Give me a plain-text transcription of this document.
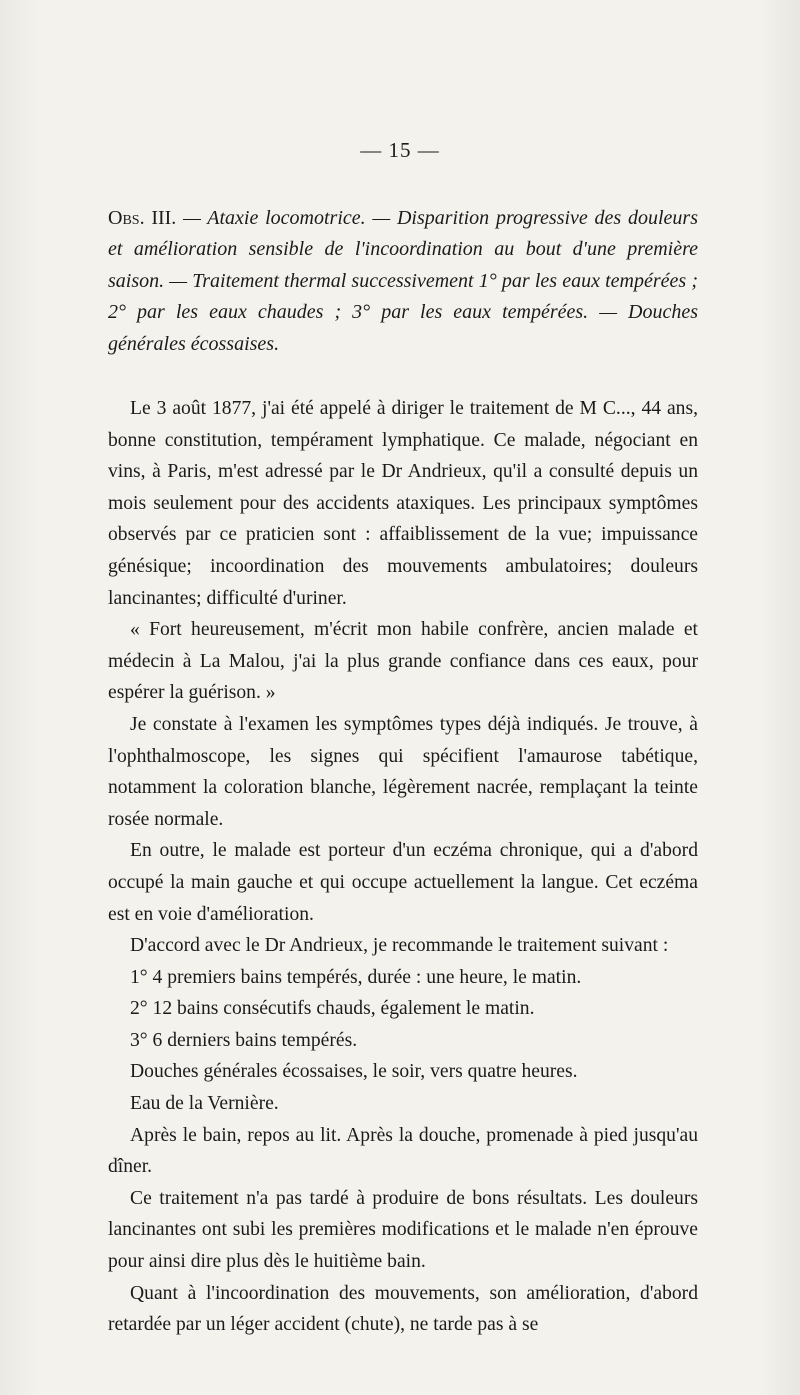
— 15 —
Obs. III. — Ataxie locomotrice. — Disparition progressive des douleurs et amélioration sensible de l'incoordination au bout d'une première saison. — Traitement thermal successivement 1° par les eaux tempérées ; 2° par les eaux chaudes ; 3° par les eaux tempérées. — Douches générales écossaises.

Le 3 août 1877, j'ai été appelé à diriger le traitement de M C..., 44 ans, bonne constitution, tempérament lymphatique. Ce malade, négociant en vins, à Paris, m'est adressé par le Dr Andrieux, qu'il a consulté depuis un mois seulement pour des accidents ataxiques. Les principaux symptômes observés par ce praticien sont : affaiblissement de la vue; impuissance génésique; incoordination des mouvements ambulatoires; douleurs lancinantes; difficulté d'uriner.

« Fort heureusement, m'écrit mon habile confrère, ancien malade et médecin à La Malou, j'ai la plus grande confiance dans ces eaux, pour espérer la guérison. »

Je constate à l'examen les symptômes types déjà indiqués. Je trouve, à l'ophthalmoscope, les signes qui spécifient l'amaurose tabétique, notamment la coloration blanche, légèrement nacrée, remplaçant la teinte rosée normale.

En outre, le malade est porteur d'un eczéma chronique, qui a d'abord occupé la main gauche et qui occupe actuellement la langue. Cet eczéma est en voie d'amélioration.

D'accord avec le Dr Andrieux, je recommande le traitement suivant :

1° 4 premiers bains tempérés, durée : une heure, le matin.

2° 12 bains consécutifs chauds, également le matin.

3° 6 derniers bains tempérés.

Douches générales écossaises, le soir, vers quatre heures.

Eau de la Vernière.

Après le bain, repos au lit. Après la douche, promenade à pied jusqu'au dîner.

Ce traitement n'a pas tardé à produire de bons résultats. Les douleurs lancinantes ont subi les premières modifications et le malade n'en éprouve pour ainsi dire plus dès le huitième bain.

Quant à l'incoordination des mouvements, son amélioration, d'abord retardée par un léger accident (chute), ne tarde pas à se
